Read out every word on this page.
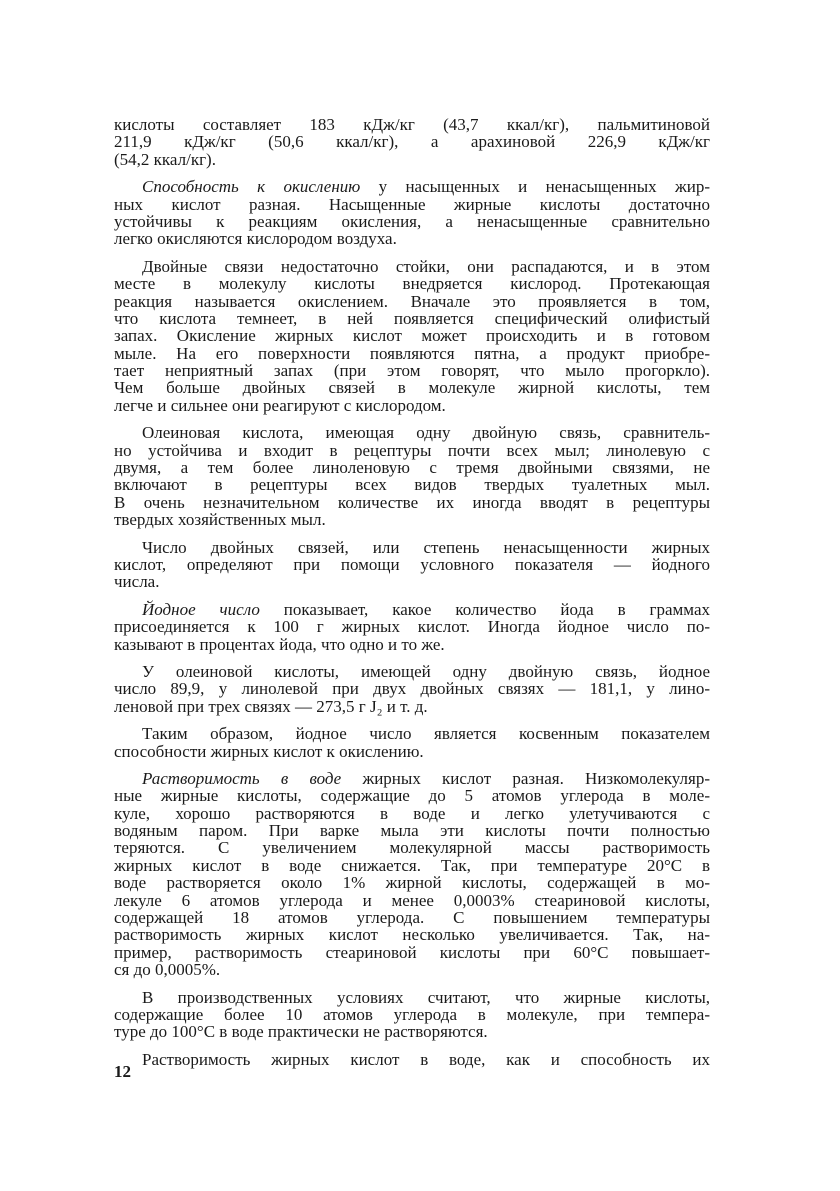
кислоты составляет 183 кДж/кг (43,7 ккал/кг), пальмитиновой
211,9 кДж/кг (50,6 ккал/кг), а арахиновой 226,9 кДж/кг
(54,2 ккал/кг).
Способность к окислению у насыщенных и ненасыщенных жир-
ных кислот разная. Насыщенные жирные кислоты достаточно
устойчивы к реакциям окисления, а ненасыщенные сравнительно
легко окисляются кислородом воздуха.
Двойные связи недостаточно стойки, они распадаются, и в этом
месте в молекулу кислоты внедряется кислород. Протекающая
реакция называется окислением. Вначале это проявляется в том,
что кислота темнеет, в ней появляется специфический олифистый
запах. Окисление жирных кислот может происходить и в готовом
мыле. На его поверхности появляются пятна, а продукт приобре-
тает неприятный запах (при этом говорят, что мыло прогоркло).
Чем больше двойных связей в молекуле жирной кислоты, тем
легче и сильнее они реагируют с кислородом.
Олеиновая кислота, имеющая одну двойную связь, сравнитель-
но устойчива и входит в рецептуры почти всех мыл; линолевую с
двумя, а тем более линоленовую с тремя двойными связями, не
включают в рецептуры всех видов твердых туалетных мыл.
В очень незначительном количестве их иногда вводят в рецептуры
твердых хозяйственных мыл.
Число двойных связей, или степень ненасыщенности жирных
кислот, определяют при помощи условного показателя — йодного
числа.
Йодное число показывает, какое количество йода в граммах
присоединяется к 100 г жирных кислот. Иногда йодное число по-
казывают в процентах йода, что одно и то же.
У олеиновой кислоты, имеющей одну двойную связь, йодное
число 89,9, у линолевой при двух двойных связях — 181,1, у лино-
леновой при трех связях — 273,5 г J₂ и т. д.
Таким образом, йодное число является косвенным показателем
способности жирных кислот к окислению.
Растворимость в воде жирных кислот разная. Низкомолекуляр-
ные жирные кислоты, содержащие до 5 атомов углерода в моле-
куле, хорошо растворяются в воде и легко улетучиваются с
водяным паром. При варке мыла эти кислоты почти полностью
теряются. С увеличением молекулярной массы растворимость
жирных кислот в воде снижается. Так, при температуре 20°С в
воде растворяется около 1% жирной кислоты, содержащей в мо-
лекуле 6 атомов углерода и менее 0,0003% стеариновой кислоты,
содержащей 18 атомов углерода. С повышением температуры
растворимость жирных кислот несколько увеличивается. Так, на-
пример, растворимость стеариновой кислоты при 60°С повышает-
ся до 0,0005%.
В производственных условиях считают, что жирные кислоты,
содержащие более 10 атомов углерода в молекуле, при темпера-
туре до 100°С в воде практически не растворяются.
Растворимость жирных кислот в воде, как и способность их
12
